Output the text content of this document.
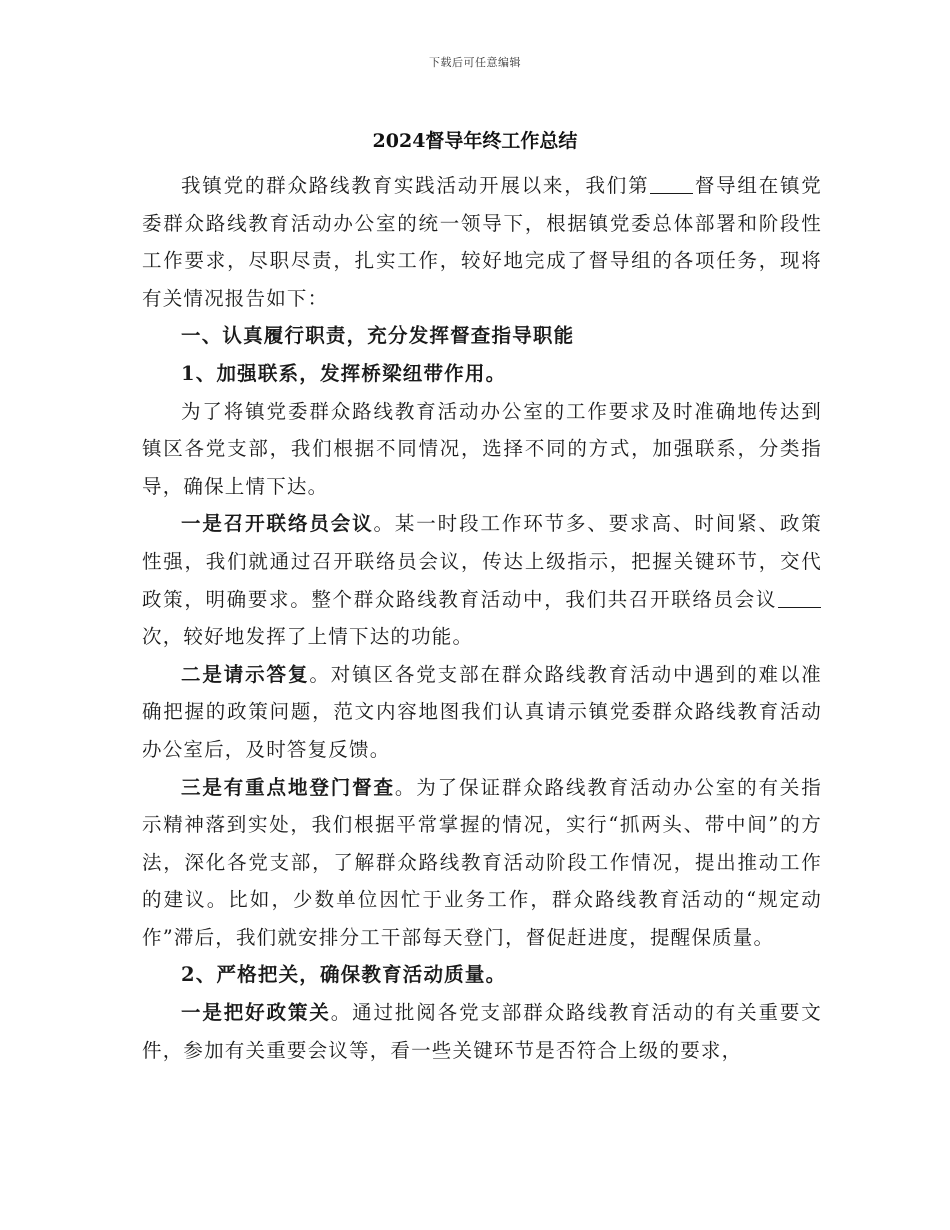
下载后可任意编辑
2024督导年终工作总结

我镇党的群众路线教育实践活动开展以来，我们第 督导组在镇党委群众路线教育活动办公室的统一领导下，根据镇党委总体部署和阶段性工作要求，尽职尽责，扎实工作，较好地完成了督导组的各项任务，现将有关情况报告如下：

一、认真履行职责，充分发挥督查指导职能

1、加强联系，发挥桥梁纽带作用。

为了将镇党委群众路线教育活动办公室的工作要求及时准确地传达到镇区各党支部，我们根据不同情况，选择不同的方式，加强联系，分类指导，确保上情下达。

一是召开联络员会议。某一时段工作环节多、要求高、时间紧、政策性强，我们就通过召开联络员会议，传达上级指示，把握关键环节，交代政策，明确要求。整个群众路线教育活动中，我们共召开联络员会议次，较好地发挥了上情下达的功能。

二是请示答复。对镇区各党支部在群众路线教育活动中遇到的难以准确把握的政策问题，范文内容地图我们认真请示镇党委群众路线教育活动办公室后，及时答复反馈。

三是有重点地登门督查。为了保证群众路线教育活动办公室的有关指示精神落到实处，我们根据平常掌握的情况，实行“抓两头、带中间”的方法，深化各党支部，了解群众路线教育活动阶段工作情况，提出推动工作的建议。比如，少数单位因忙于业务工作，群众路线教育活动的“规定动作”滞后，我们就安排分工干部每天登门，督促赶进度，提醒保质量。

2、严格把关，确保教育活动质量。

一是把好政策关。通过批阅各党支部群众路线教育活动的有关重要文件，参加有关重要会议等，看一些关键环节是否符合上级的要求，
